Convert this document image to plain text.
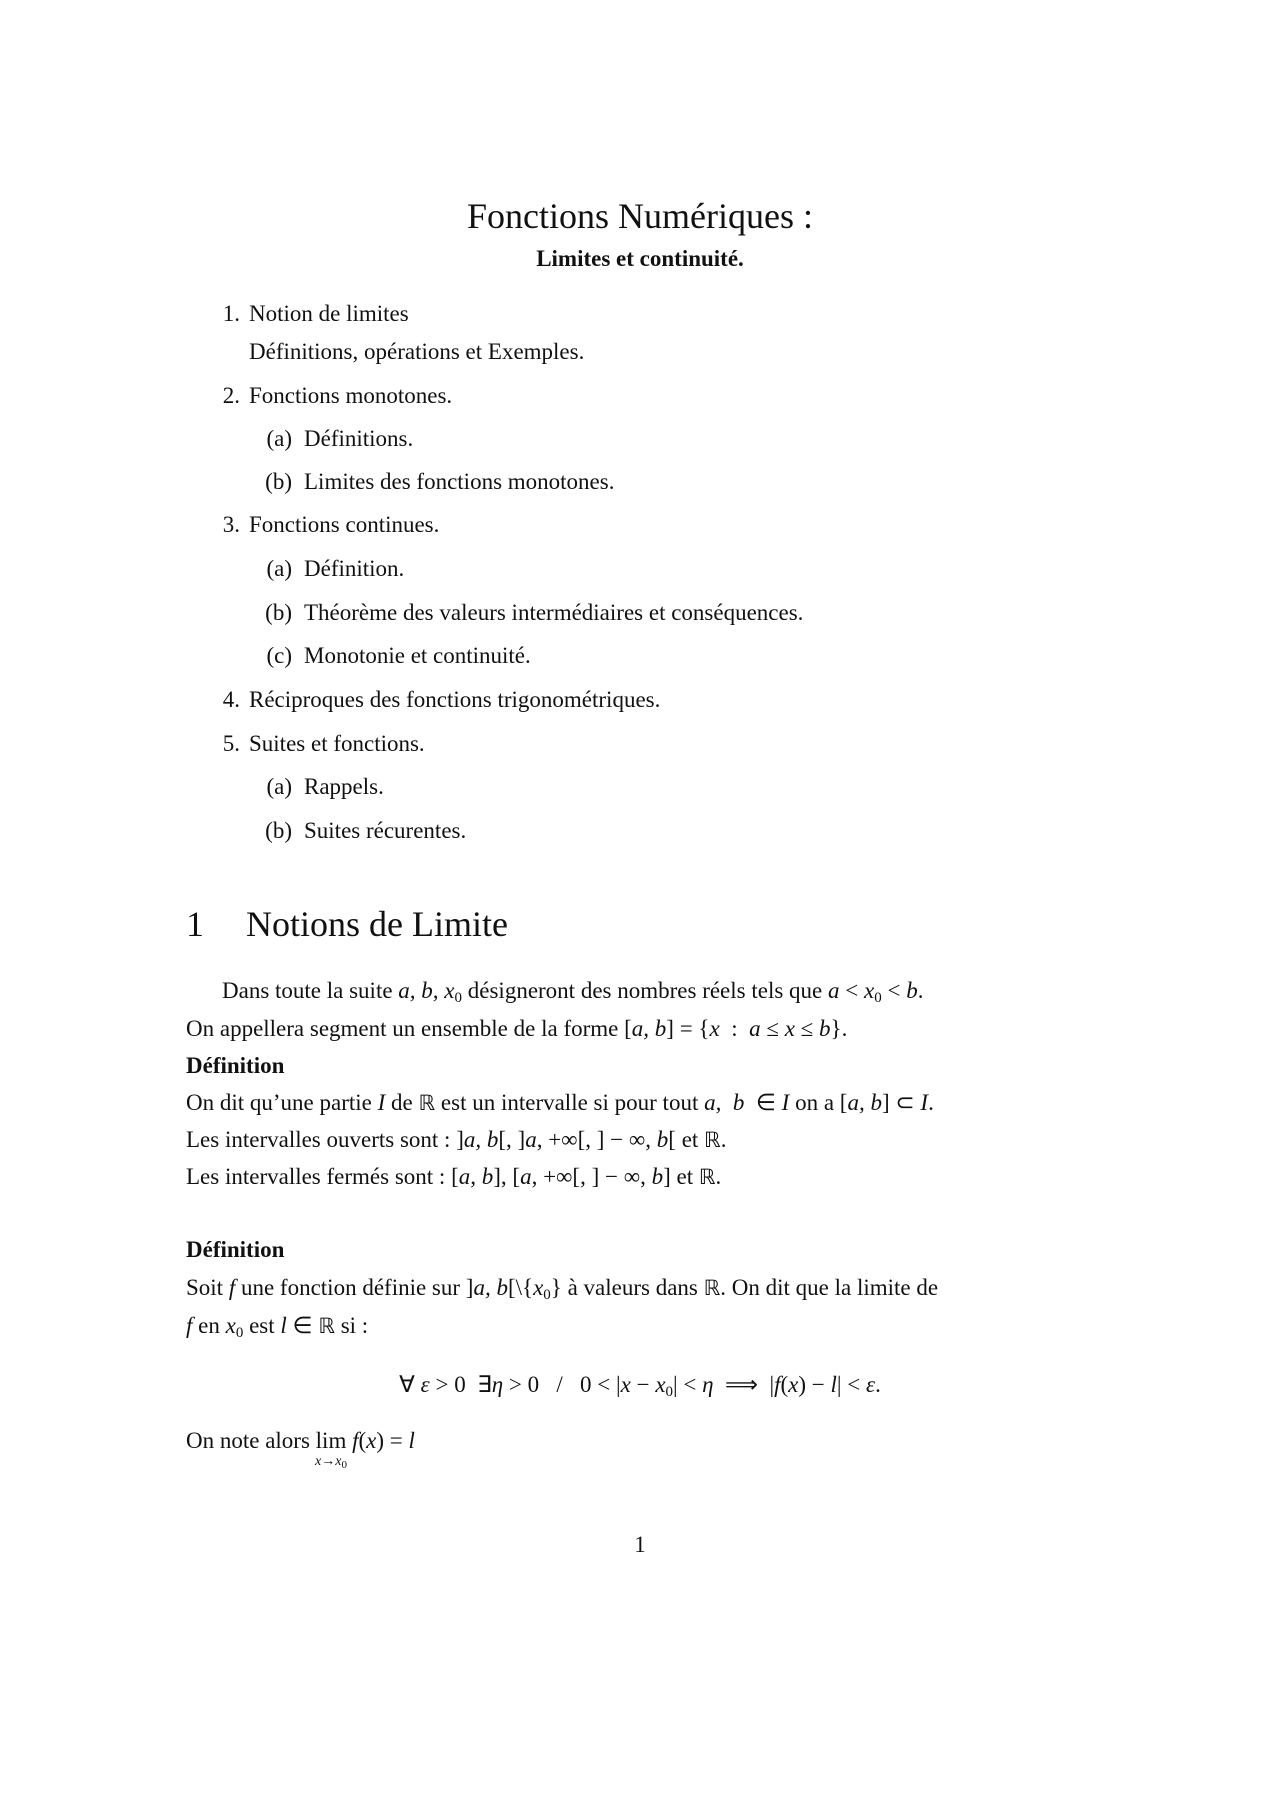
Fonctions Numériques :
Limites et continuité.
1. Notion de limites
Définitions, opérations et Exemples.
2. Fonctions monotones.
(a) Définitions.
(b) Limites des fonctions monotones.
3. Fonctions continues.
(a) Définition.
(b) Théorème des valeurs intermédiaires et conséquences.
(c) Monotonie et continuité.
4. Réciproques des fonctions trigonométriques.
5. Suites et fonctions.
(a) Rappels.
(b) Suites récurentes.
1 Notions de Limite
Dans toute la suite a, b, $x_0$ désigneront des nombres réels tels que $a < x_0 < b$.
On appellera segment un ensemble de la forme [a, b] = {x  :  a ≤ x ≤ b}.
Définition
On dit qu’une partie I de ℝ est un intervalle si pour tout a,  b  ∈ I on a [a, b] ⊂ I.
Les intervalles ouverts sont : ]a, b[, ]a, +∞[, ] − ∞, b[ et ℝ.
Les intervalles fermés sont : [a, b], [a, +∞[, ] − ∞, b] et ℝ.
Définition
Soit f une fonction définie sur ]a, $b[\backslash\{x_0\}$ à valeurs dans ℝ. On dit que la limite de
f en $x_0$ est l ∈ ℝ si :
∀ ε > 0  ∃η > $0 / 0 < |x - x_0| < \eta$  ⟹  |f(x) − l| < ε.
On note alors lim
$x\to x_0$
f(x) = l
1
